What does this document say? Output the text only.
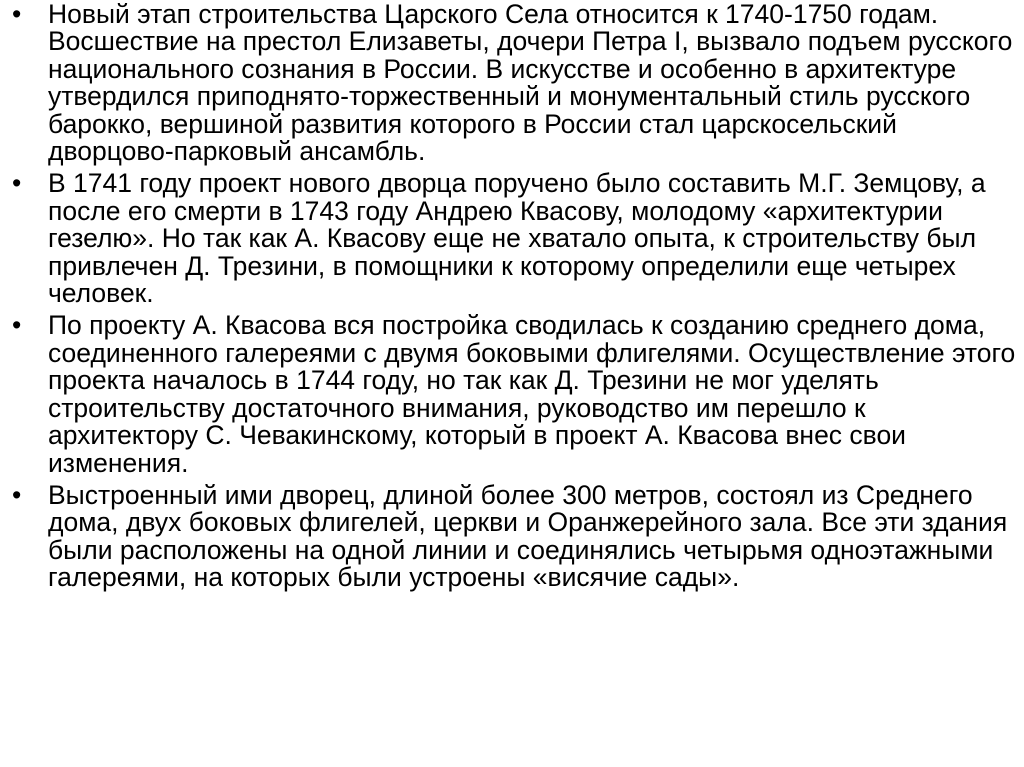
• Новый этап строительства Царского Села относится к 1740-1750 годам. Восшествие на престол Елизаветы, дочери Петра I, вызвало подъем русского национального сознания в России. В искусстве и особенно в архитектуре утвердился приподнято-торжественный и монументальный стиль русского барокко, вершиной развития которого в России стал царскосельский дворцово-парковый ансамбль.
• В 1741 году проект нового дворца поручено было составить М.Г. Земцову, а после его смерти в 1743 году Андрею Квасову, молодому «архитектурии гезелю». Но так как А. Квасову еще не хватало опыта, к строительству был привлечен Д. Трезини, в помощники к которому определили еще четырех человек.
• По проекту А. Квасова вся постройка сводилась к созданию среднего дома, соединенного галереями с двумя боковыми флигелями. Осуществление этого проекта началось в 1744 году, но так как Д. Трезини не мог уделять строительству достаточного внимания, руководство им перешло к архитектору С. Чевакинскому, который в проект А. Квасова внес свои изменения.
• Выстроенный ими дворец, длиной более 300 метров, состоял из Среднего дома, двух боковых флигелей, церкви и Оранжерейного зала. Все эти здания были расположены на одной линии и соединялись четырьмя одноэтажными галереями, на которых были устроены «висячие сады».
